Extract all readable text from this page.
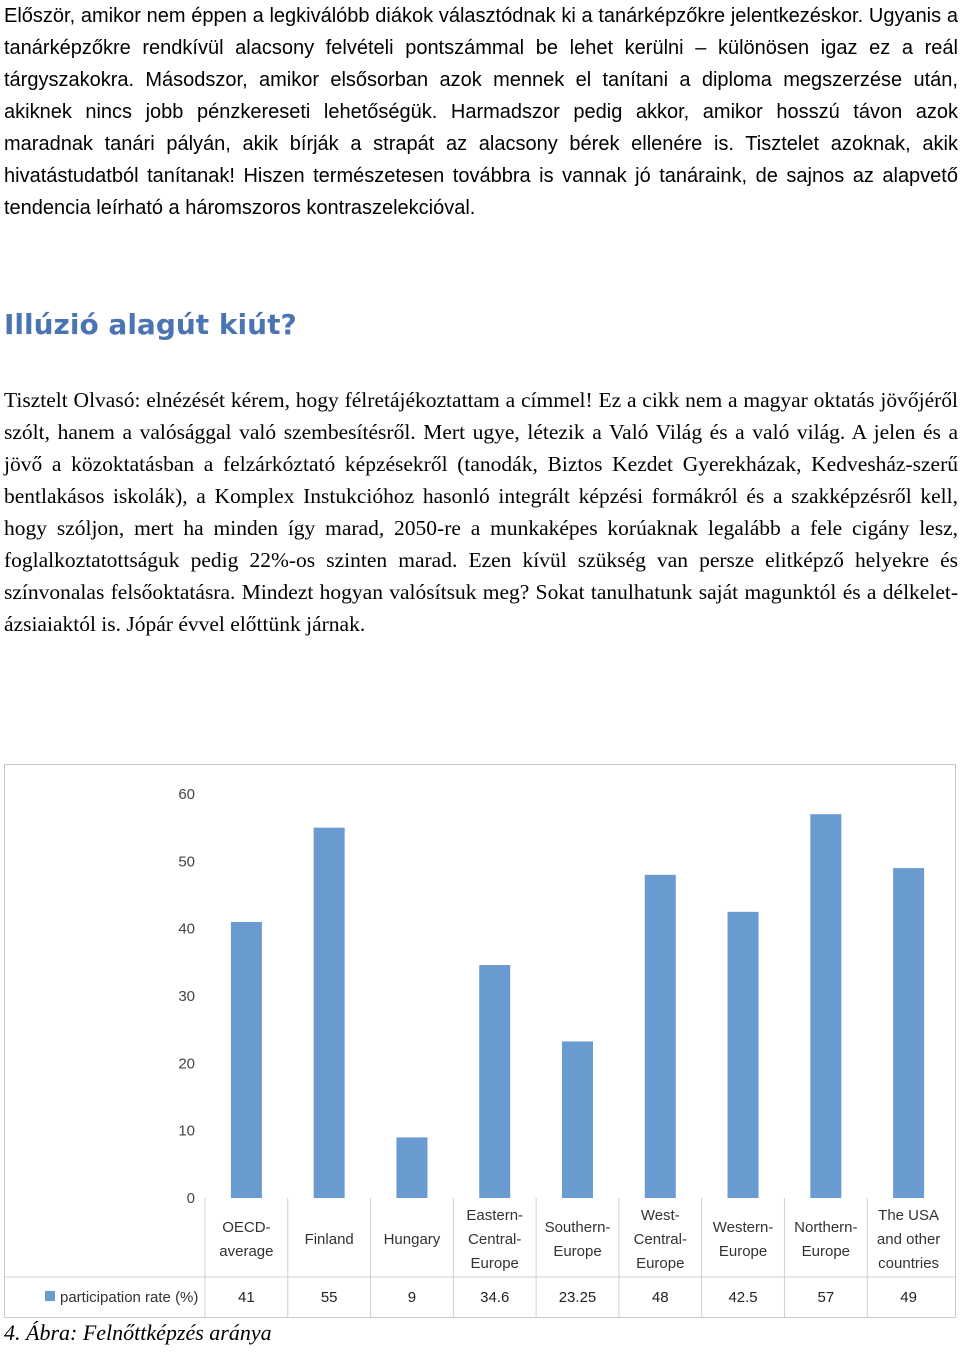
Először, amikor nem éppen a legkiválóbb diákok választódnak ki a tanárképzőkre jelentkezéskor. Ugyanis a tanárképzőkre rendkívül alacsony felvételi pontszámmal be lehet kerülni – különösen igaz ez a reál tárgyszakokra. Másodszor, amikor elsősorban azok mennek el tanítani a diploma megszerzése után, akiknek nincs jobb pénzkereseti lehetőségük. Harmadszor pedig akkor, amikor hosszú távon azok maradnak tanári pályán, akik bírják a strapát az alacsony bérek ellenére is. Tisztelet azoknak, akik hivatástudatból tanítanak! Hiszen természetesen továbbra is vannak jó tanáraink, de sajnos az alapvető tendencia leírható a háromszoros kontraszelekcióval.
Illúzió alagút kiút?
Tisztelt Olvasó: elnézését kérem, hogy félretájékoztattam a címmel! Ez a cikk nem a magyar oktatás jövőjéről szólt, hanem a valósággal való szembesítésről. Mert ugye, létezik a Való Világ és a való világ. A jelen és a jövő a közoktatásban a felzárkóztató képzésekről (tanodák, Biztos Kezdet Gyerekházak, Kedvesház-szerű bentlakásos iskolák), a Komplex Instukcióhoz hasonló integrált képzési formákról és a szakképzésről kell, hogy szóljon, mert ha minden így marad, 2050-re a munkaképes korúaknak legalább a fele cigány lesz, foglalkoztatottságuk pedig 22%-os szinten marad. Ezen kívül szükség van persze elitképző helyekre és színvonalas felsőoktatásra. Mindezt hogyan valósítsuk meg? Sokat tanulhatunk saját magunktól és a délkelet-ázsiaiaktól is. Jópár évvel előttünk járnak.
0
10
20
30
40
50
60
OECD-average
41
Finland
55
Hungary
9
Eastern-Central-Europe
34.6
Southern-Europe
23.25
West-Central-Europe
48
Western-Europe
42.5
Northern-Europe
57
The USA and other countries
49
participation rate (%)
4. Ábra: Felnőttképzés aránya
